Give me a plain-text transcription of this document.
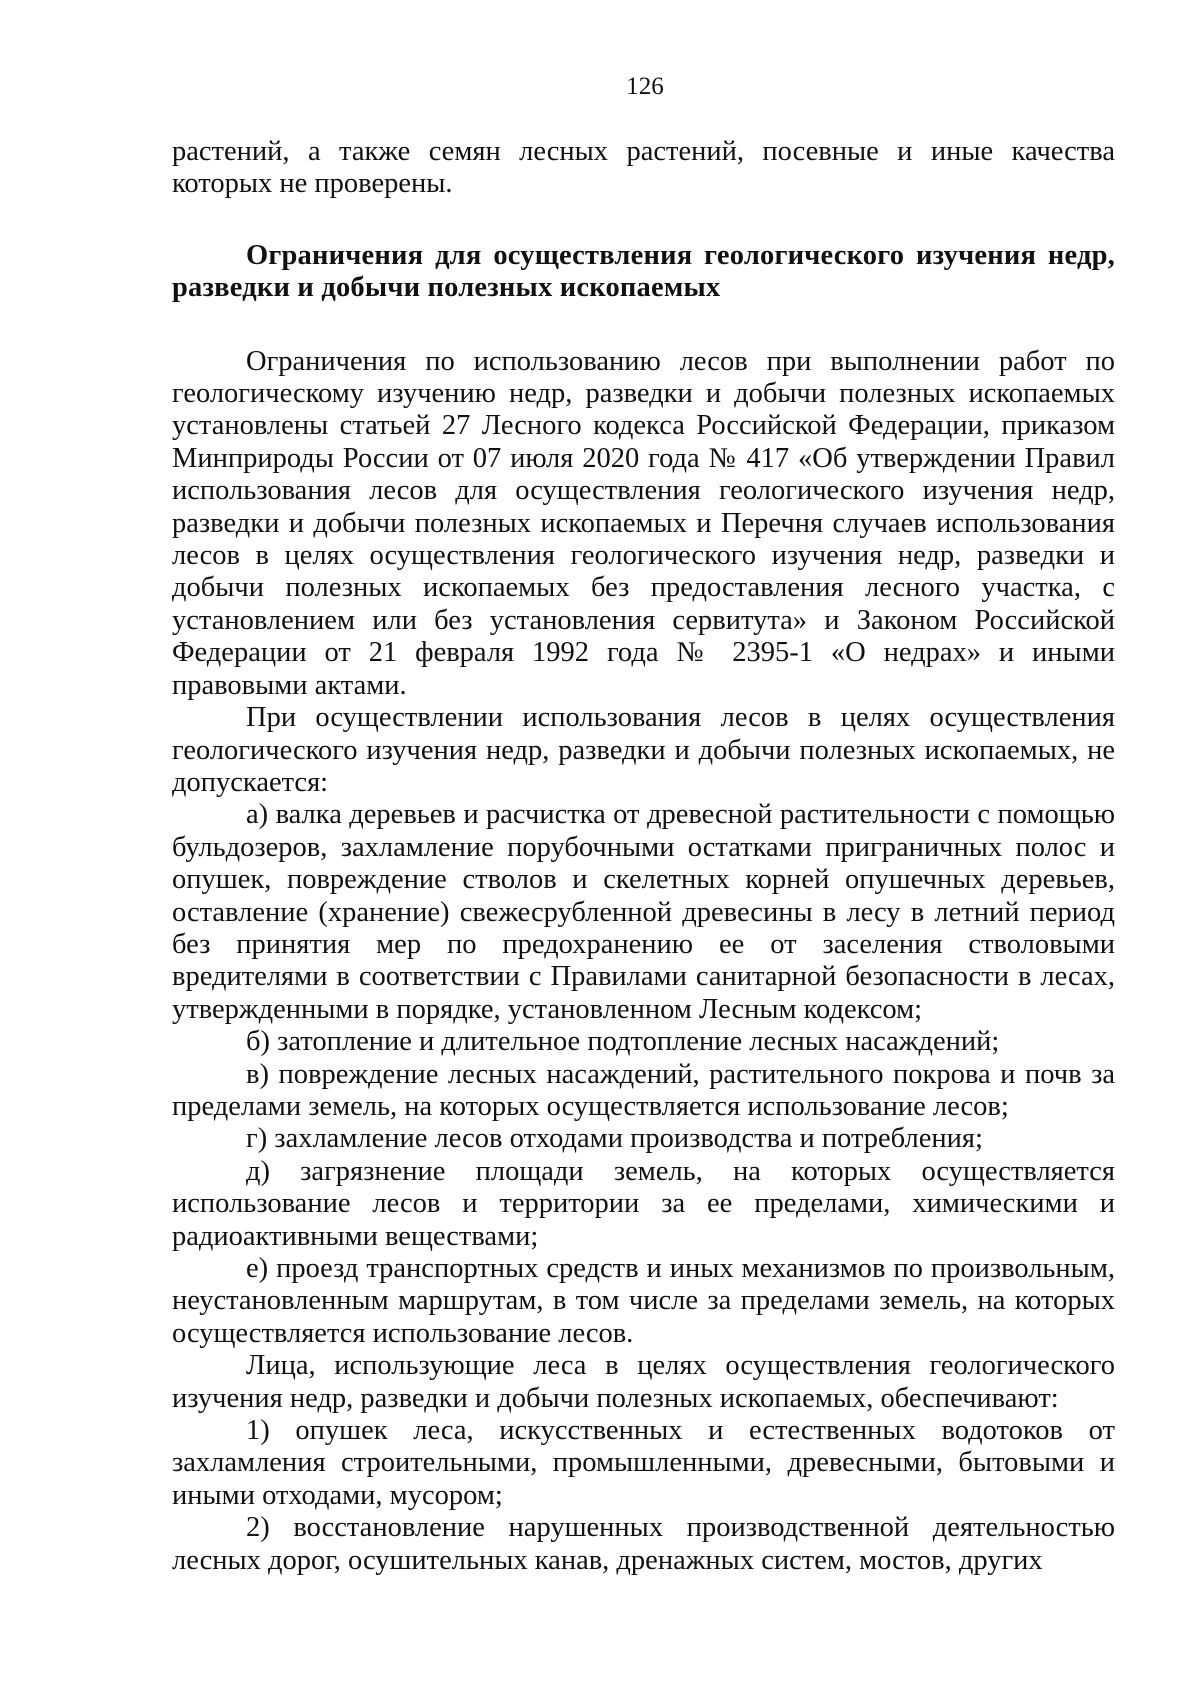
126

растений, а также семян лесных растений, посевные и иные качества которых не проверены.

Ограничения для осуществления геологического изучения недр, разведки и добычи полезных ископаемых

Ограничения по использованию лесов при выполнении работ по геологическому изучению недр, разведки и добычи полезных ископаемых установлены статьей 27 Лесного кодекса Российской Федерации, приказом Минприроды России от 07 июля 2020 года № 417 «Об утверждении Правил использования лесов для осуществления геологического изучения недр, разведки и добычи полезных ископаемых и Перечня случаев использования лесов в целях осуществления геологического изучения недр, разведки и добычи полезных ископаемых без предоставления лесного участка, с установлением или без установления сервитута» и Законом Российской Федерации от 21 февраля 1992 года № 2395-1 «О недрах» и иными правовыми актами.

При осуществлении использования лесов в целях осуществления геологического изучения недр, разведки и добычи полезных ископаемых, не допускается:

а) валка деревьев и расчистка от древесной растительности с помощью бульдозеров, захламление порубочными остатками приграничных полос и опушек, повреждение стволов и скелетных корней опушечных деревьев, оставление (хранение) свежесрубленной древесины в лесу в летний период без принятия мер по предохранению ее от заселения стволовыми вредителями в соответствии с Правилами санитарной безопасности в лесах, утвержденными в порядке, установленном Лесным кодексом;

б) затопление и длительное подтопление лесных насаждений;

в) повреждение лесных насаждений, растительного покрова и почв за пределами земель, на которых осуществляется использование лесов;

г) захламление лесов отходами производства и потребления;

д) загрязнение площади земель, на которых осуществляется использование лесов и территории за ее пределами, химическими и радиоактивными веществами;

е) проезд транспортных средств и иных механизмов по произвольным, неустановленным маршрутам, в том числе за пределами земель, на которых осуществляется использование лесов.

Лица, использующие леса в целях осуществления геологического изучения недр, разведки и добычи полезных ископаемых, обеспечивают:

1) опушек леса, искусственных и естественных водотоков от захламления строительными, промышленными, древесными, бытовыми и иными отходами, мусором;

2) восстановление нарушенных производственной деятельностью лесных дорог, осушительных канав, дренажных систем, мостов, других
